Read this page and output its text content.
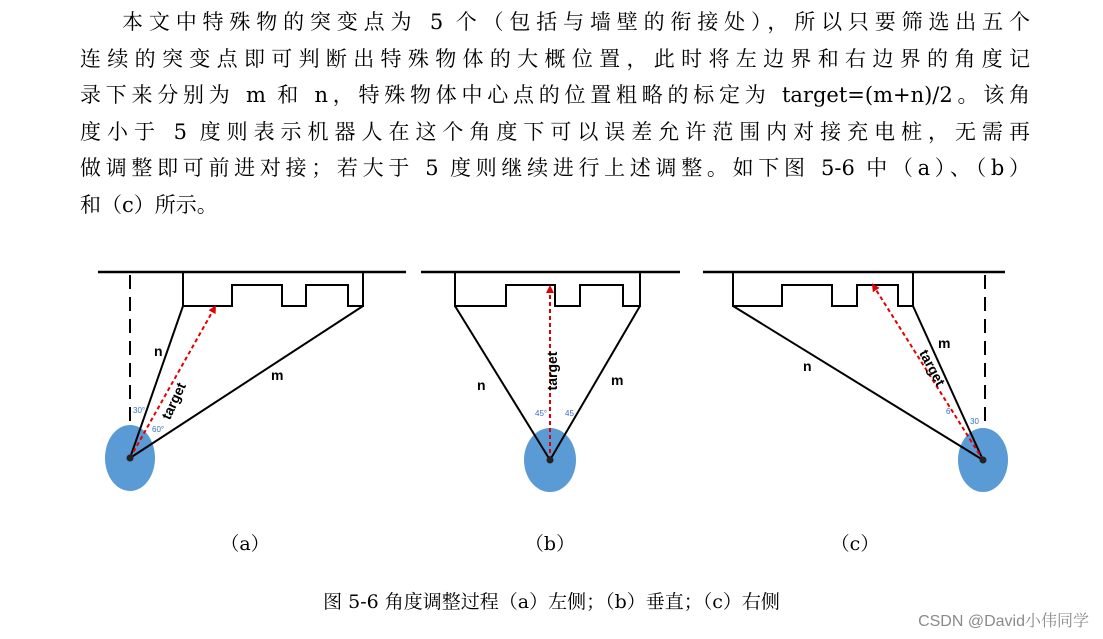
本文中特殊物的突变点为 5 个（包括与墙壁的衔接处），所以只要筛选出五个
连续的突变点即可判断出特殊物体的大概位置，此时将左边界和右边界的角度记
录下来分别为 m 和 n，特殊物体中心点的位置粗略的标定为 target=(m+n)/2。该角
度小于 5 度则表示机器人在这个角度下可以误差允许范围内对接充电桩，无需再
做调整即可前进对接；若大于 5 度则继续进行上述调整。如下图 5-6 中（a）、（b）
和（c）所示。
n
m
target
30°
60°
（a）
n	m
target
45° 45
（b）
n
m
target
6
30
（c）
图 5-6 角度调整过程（a）左侧；（b）垂直；（c）右侧
CSDN @David小伟同学
